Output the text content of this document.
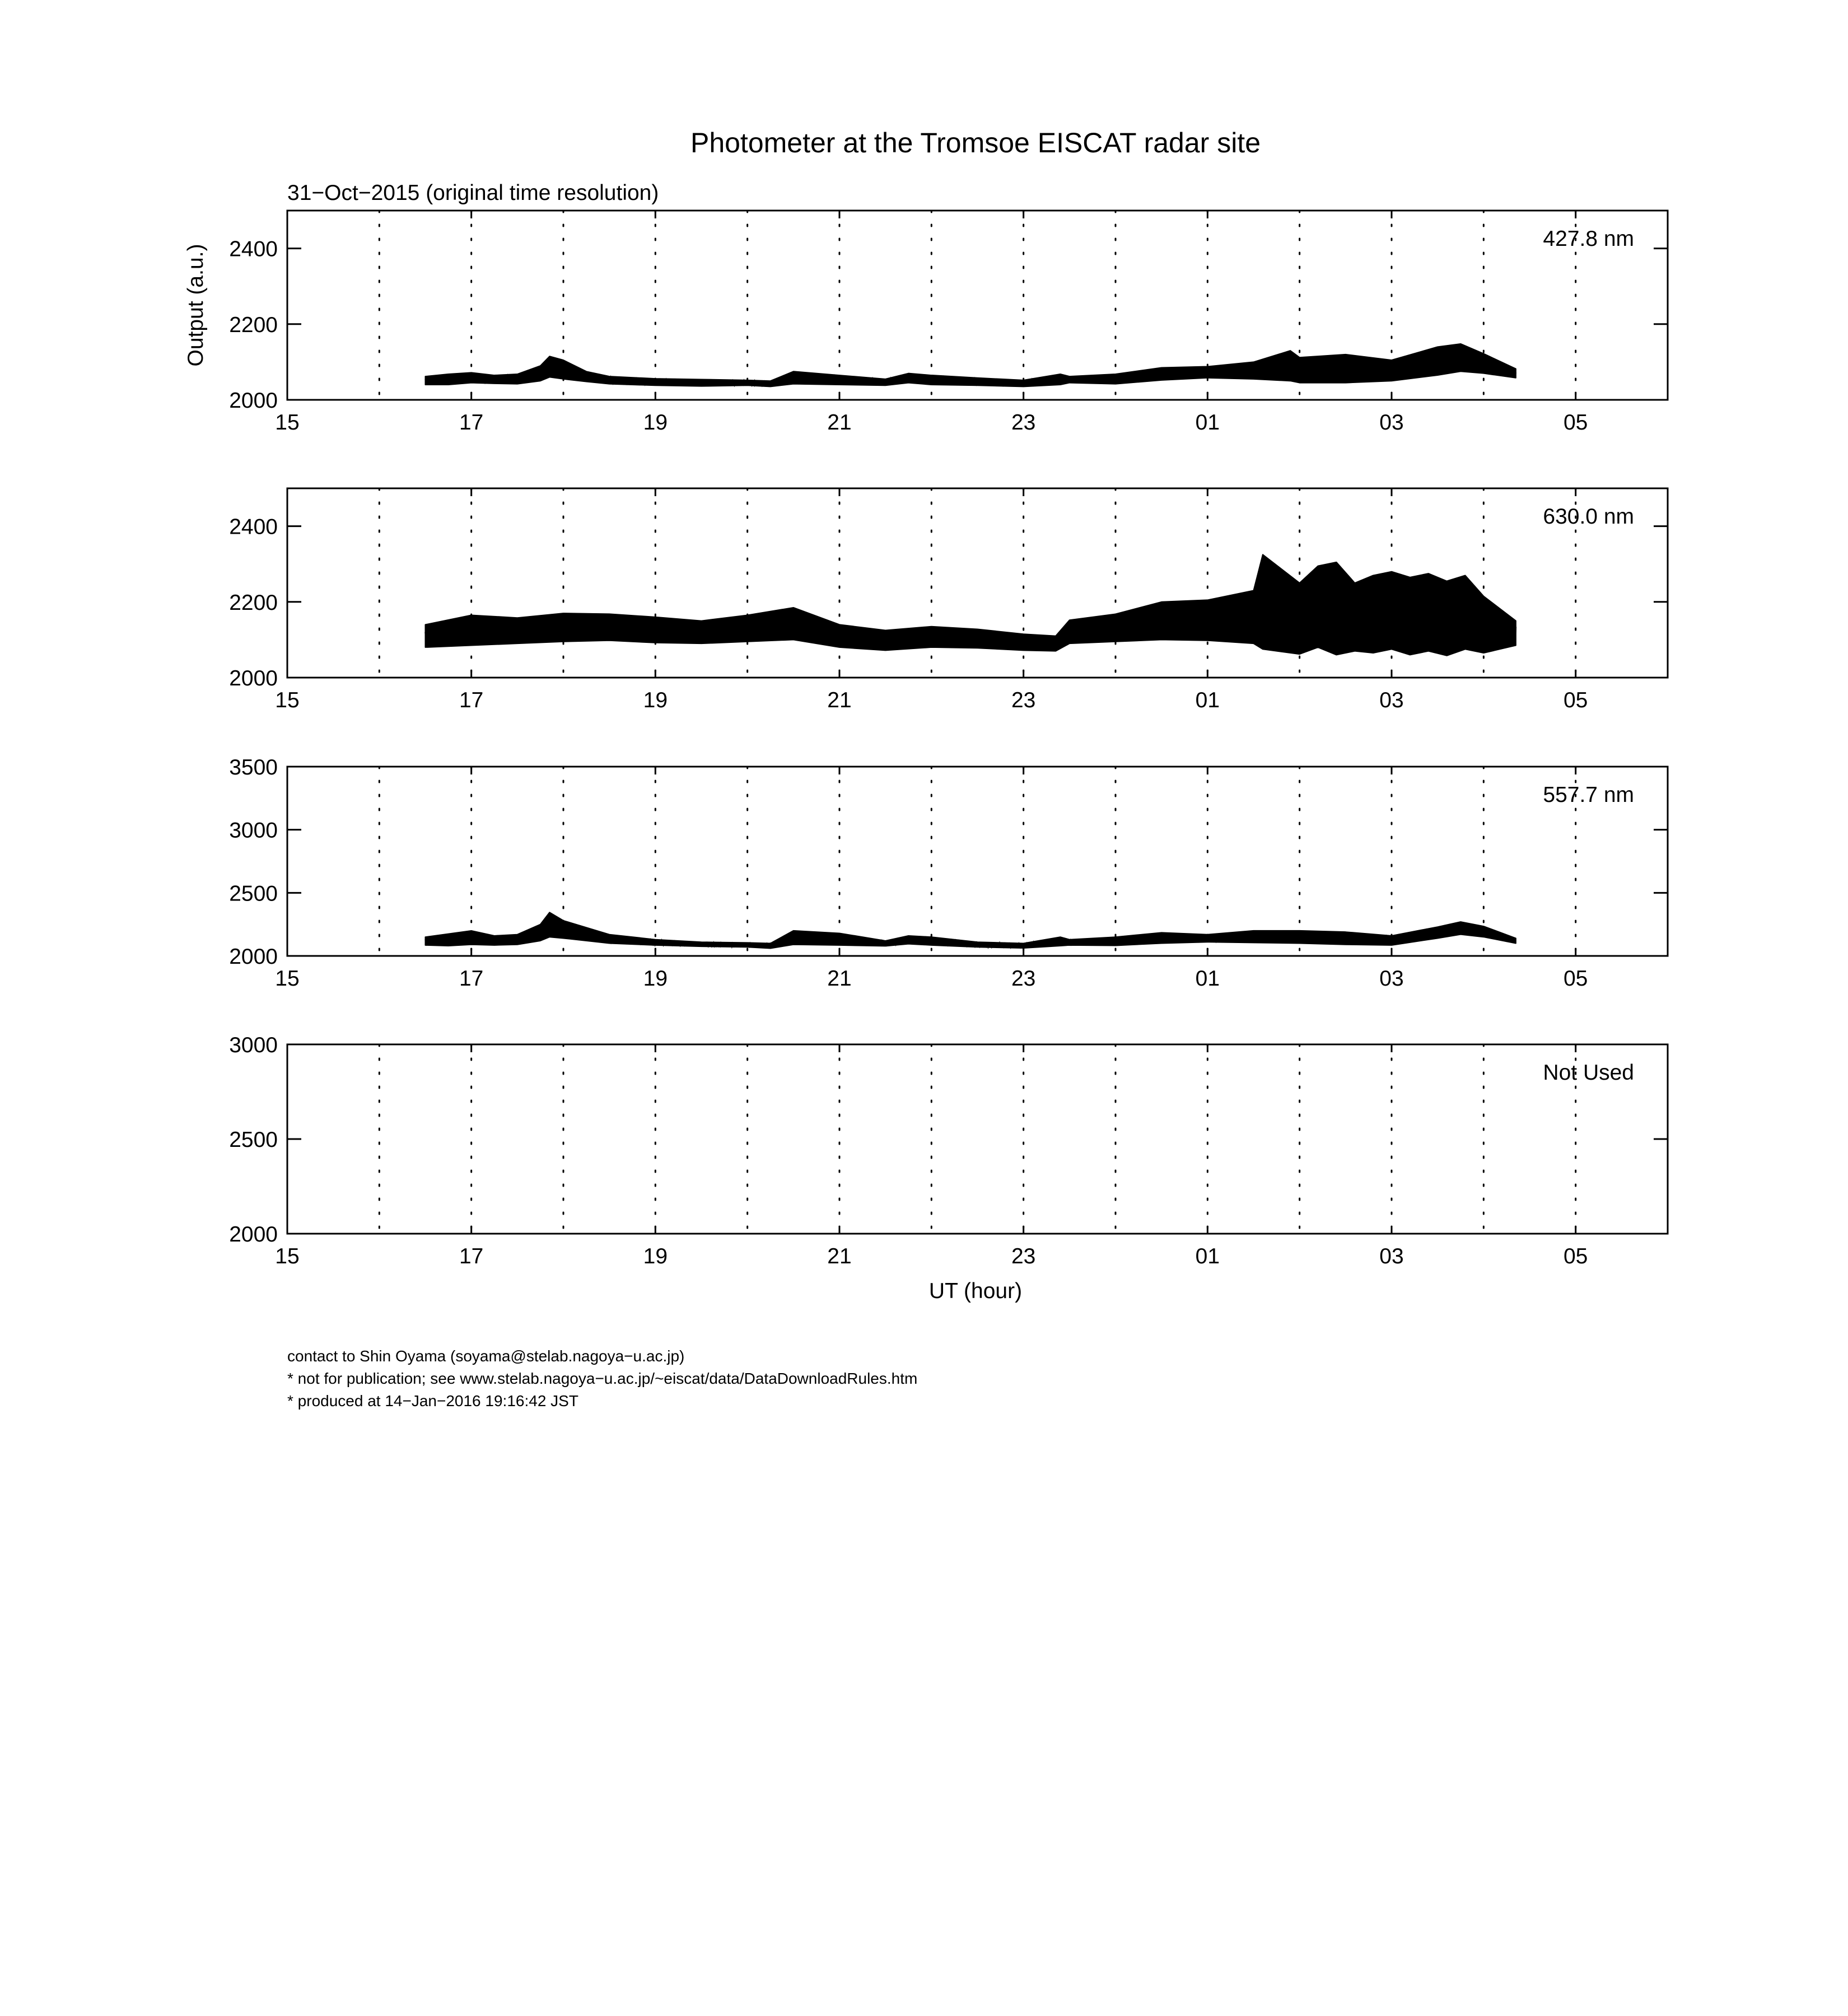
Photometer at the Tromsoe EISCAT radar site
31−Oct−2015 (original time resolution)
Output (a.u.)
UT (hour)
15	17	19	21	23	01	03	05
2000
2200
2400	427.8 nm
15	17	19	21	23	01	03	05
2000
2200
2400	630.0 nm
15	17	19	21	23	01	03	05
2000
2500
3000
3500
557.7 nm
15	17	19	21	23	01	03	05
2000
2500
3000
Not Used
contact to Shin Oyama (soyama@stelab.nagoya−u.ac.jp)
* not for publication; see www.stelab.nagoya−u.ac.jp/~eiscat/data/DataDownloadRules.htm
* produced at 14−Jan−2016 19:16:42 JST
